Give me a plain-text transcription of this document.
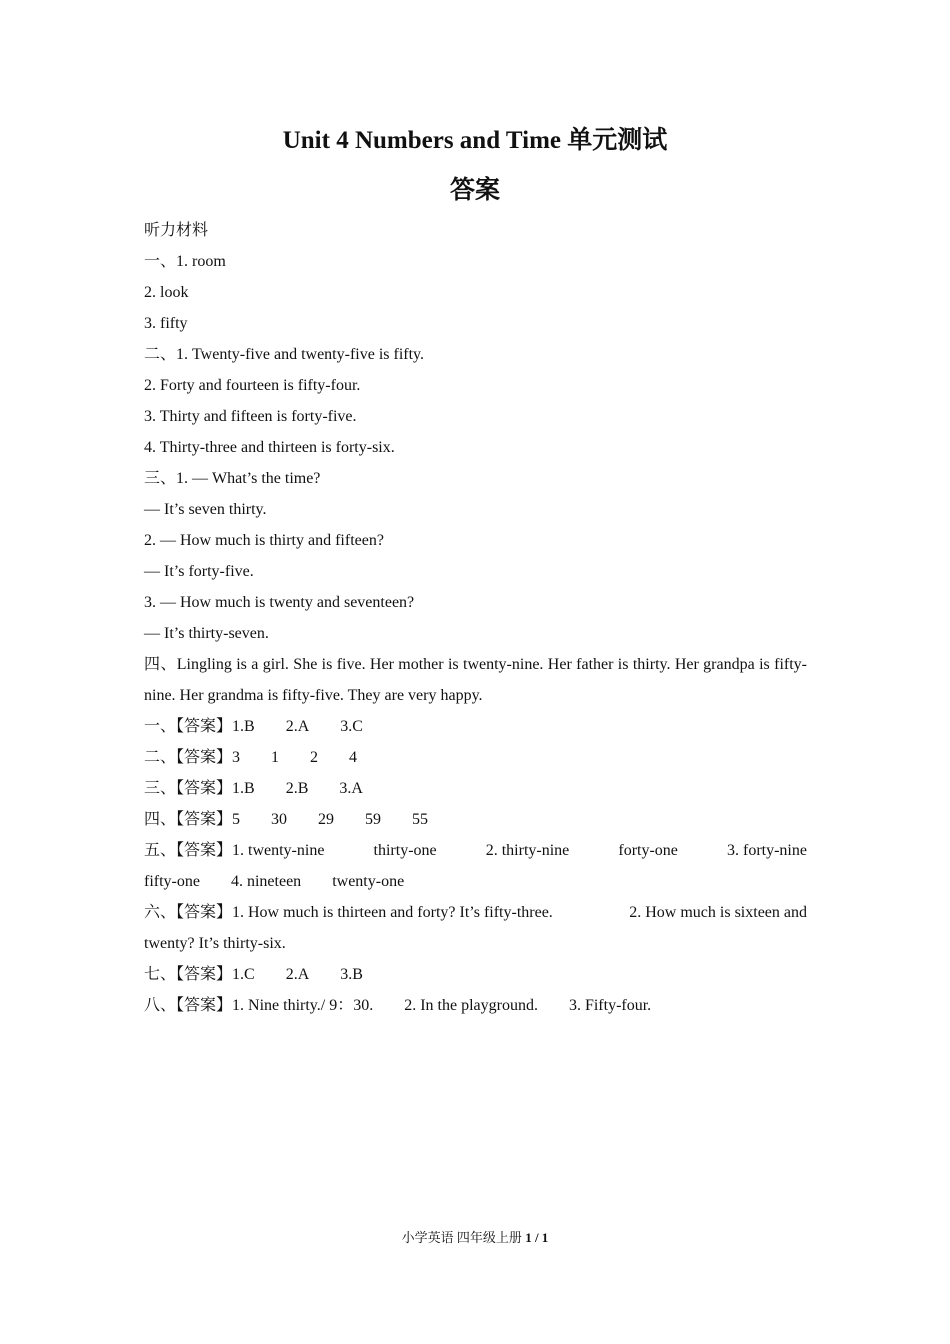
Unit 4 Numbers and Time 单元测试
答案
听力材料
一、1. room
2. look
3. fifty
二、1. Twenty-five and twenty-five is fifty.
2. Forty and fourteen is fifty-four.
3. Thirty and fifteen is forty-five.
4. Thirty-three and thirteen is forty-six.
三、1. — What’s the time?
— It’s seven thirty.
2. — How much is thirty and fifteen?
— It’s forty-five.
3. — How much is twenty and seventeen?
— It’s thirty-seven.
四、Lingling is a girl. She is five. Her mother is twenty-nine. Her father is thirty. Her grandpa is fifty-nine. Her grandma is fifty-five. They are very happy.
一、【答案】1.B 2.A 3.C
二、【答案】3 1 2 4
三、【答案】1.B 2.B 3.A
四、【答案】5 30 29 59 55
五、【答案】1. twenty-nine	thirty-one	2. thirty-nine	forty-one	3. forty-nine
fifty-one 4. nineteen twenty-one
六、【答案】1. How much is thirteen and forty? It’s fifty-three.	2. How much is sixteen and
twenty? It’s thirty-six.
七、【答案】1.C 2.A 3.B
八、【答案】1. Nine thirty./ 9：30. 2. In the playground. 3. Fifty-four.
小学英语 四年级上册 1 / 1
